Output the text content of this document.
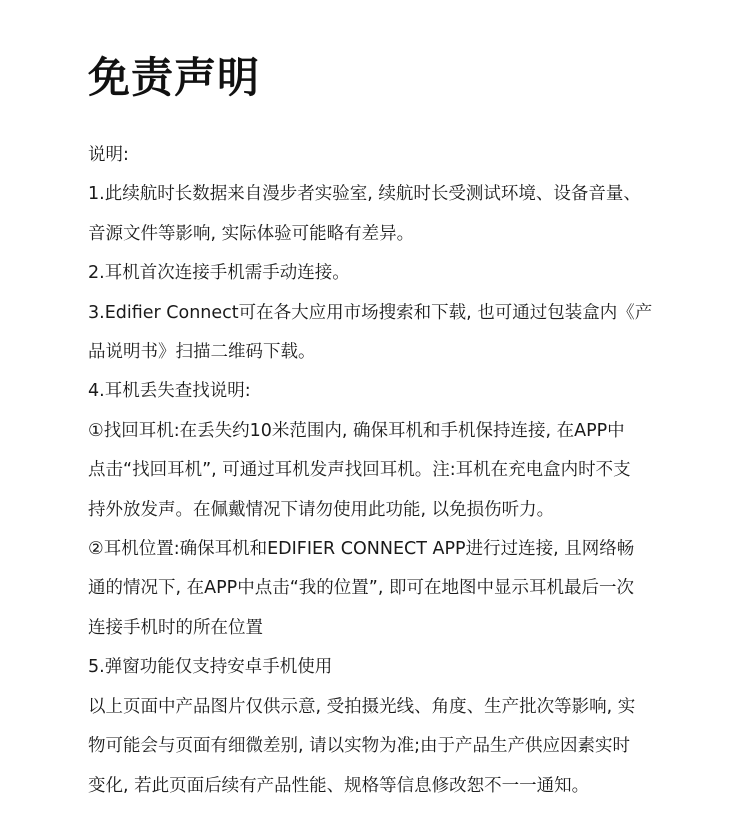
免责声明
说明:
1.此续航时长数据来自漫步者实验室, 续航时长受测试环境、设备音量、
音源文件等影响, 实际体验可能略有差异。
2.耳机首次连接手机需手动连接。
3.Edifier Connect可在各大应用市场搜索和下载, 也可通过包装盒内《产
品说明书》扫描二维码下载。
4.耳机丢失查找说明:
①找回耳机:在丢失约10米范围内, 确保耳机和手机保持连接, 在APP中
点击“找回耳机”, 可通过耳机发声找回耳机。注:耳机在充电盒内时不支
持外放发声。在佩戴情况下请勿使用此功能, 以免损伤听力。
②耳机位置:确保耳机和EDIFIER CONNECT APP进行过连接, 且网络畅
通的情况下, 在APP中点击“我的位置”, 即可在地图中显示耳机最后一次
连接手机时的所在位置
5.弹窗功能仅支持安卓手机使用
以上页面中产品图片仅供示意, 受拍摄光线、角度、生产批次等影响, 实
物可能会与页面有细微差别, 请以实物为准;由于产品生产供应因素实时
变化, 若此页面后续有产品性能、规格等信息修改恕不一一通知。
